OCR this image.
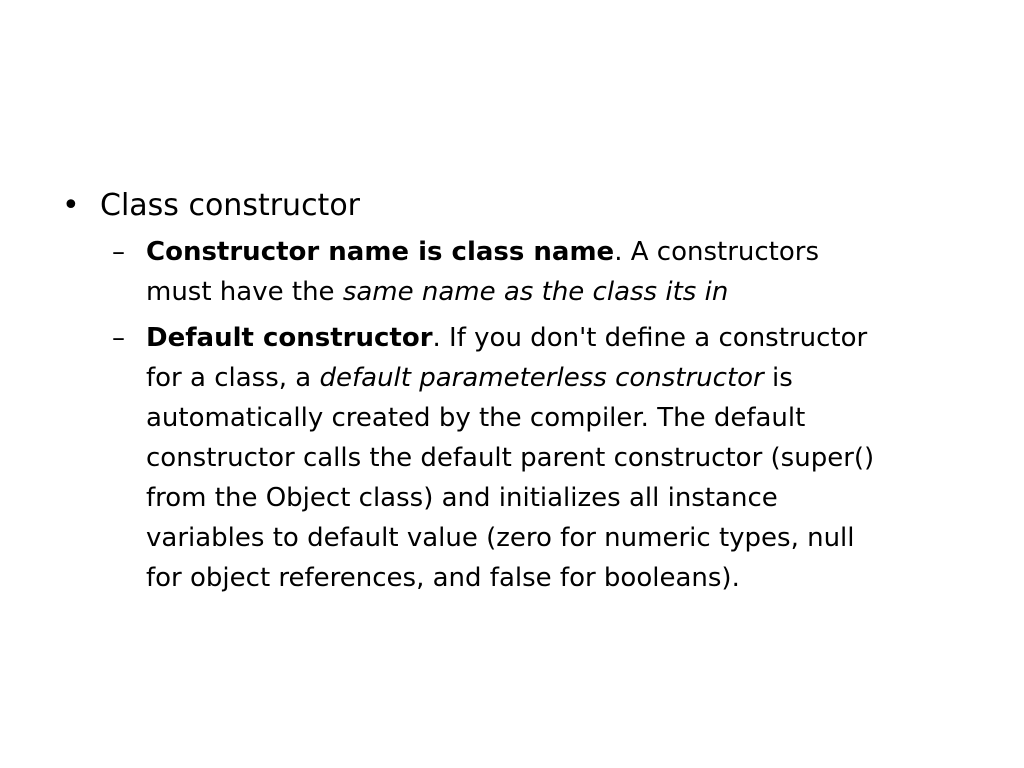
• Class constructor
– Constructor name is class name. A constructors must have the same name as the class its in
– Default constructor. If you don't define a constructor for a class, a default parameterless constructor is automatically created by the compiler. The default constructor calls the default parent constructor (super() from the Object class) and initializes all instance variables to default value (zero for numeric types, null for object references, and false for booleans).
